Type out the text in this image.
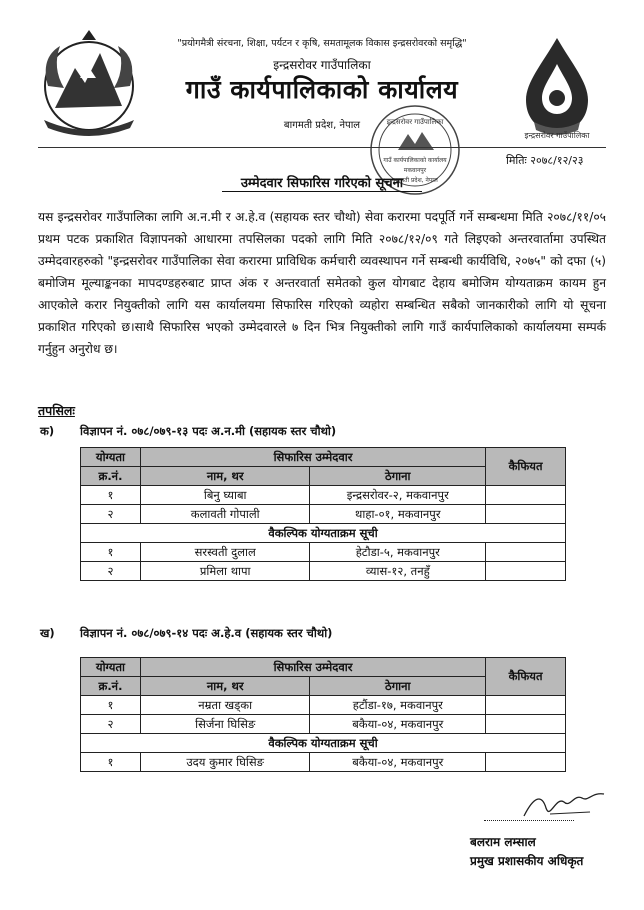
"प्रयोगमैत्री संरचना, शिक्षा, पर्यटन र कृषि, समतामूलक विकास इन्द्रसरोवरको समृद्धि"
इन्द्रसरोवर गाउँपालिका
गाउँ कार्यपालिकाको कार्यालय
बागमती प्रदेश, नेपाल	इन्द्रसरोवर गाउँपालिका
गाउँ कार्यपालिकाको कार्यालय
मकवानपुर
बागमती प्रदेश, नेपाल
इन्द्रसरोवर गाउँपालिका
मितिः २०७८/१२/२३
उम्मेदवार सिफारिस गरिएको सूचना
यस इन्द्रसरोवर गाउँपालिका लागि अ.न.मी र अ.हे.व (सहायक स्तर चौथो) सेवा करारमा पदपूर्ति गर्ने सम्बन्धमा मिति २०७८/११/०५ प्रथम पटक प्रकाशित विज्ञापनको आधारमा तपसिलका पदको लागि मिति २०७८/१२/०९ गते लिइएको अन्तरवार्तामा उपस्थित उम्मेदवारहरुको "इन्द्रसरोवर गाउँपालिका सेवा करारमा प्राविधिक कर्मचारी व्यवस्थापन गर्ने सम्बन्धी कार्यविधि, २०७५" को दफा (५) बमोजिम मूल्याङ्कनका मापदण्डहरुबाट प्राप्त अंक र अन्तरवार्ता समेतको कुल योगबाट देहाय बमोजिम योग्यताक्रम कायम हुन आएकोले करार नियुक्तीको लागि यस कार्यालयमा सिफारिस गरिएको व्यहोरा सम्बन्धित सबैको जानकारीको लागि यो सूचना प्रकाशित गरिएको छ।साथै सिफारिस भएको उम्मेदवारले ७ दिन भित्र नियुक्तीको लागि गाउँ कार्यपालिकाको कार्यालयमा सम्पर्क गर्नुहुन अनुरोध छ।
तपसिलः
क) विज्ञापन नं. ०७८/०७९-१३ पदः अ.न.मी (सहायक स्तर चौथो)
योग्यता	सिफारिस उम्मेदवार		कैफियत
क्र.नं.	नाम, थर	ठेगाना	
१	बिनु घ्याबा	इन्द्रसरोवर-२, मकवानपुर	
२	कलावती गोपाली	थाहा-०१, मकवानपुर	
वैकल्पिक योग्यताक्रम सूची			
१	सरस्वती दुलाल	हेटौडा-५, मकवानपुर	
२	प्रमिला थापा	व्यास-१२, तनहुँ	
ख) विज्ञापन नं. ०७८/०७९-१४ पदः अ.हे.व (सहायक स्तर चौथो)
योग्यता	सिफारिस उम्मेदवार		कैफियत
क्र.नं.	नाम, थर	ठेगाना	
१	नम्रता खड्का	हटौंडा-१७, मकवानपुर	
२	सिर्जना घिसिङ	बकैया-०४, मकवानपुर	
वैकल्पिक योग्यताक्रम सूची			
१	उदय कुमार घिसिङ	बकैया-०४, मकवानपुर	
बलराम लम्साल
प्रमुख प्रशासकीय अधिकृत
